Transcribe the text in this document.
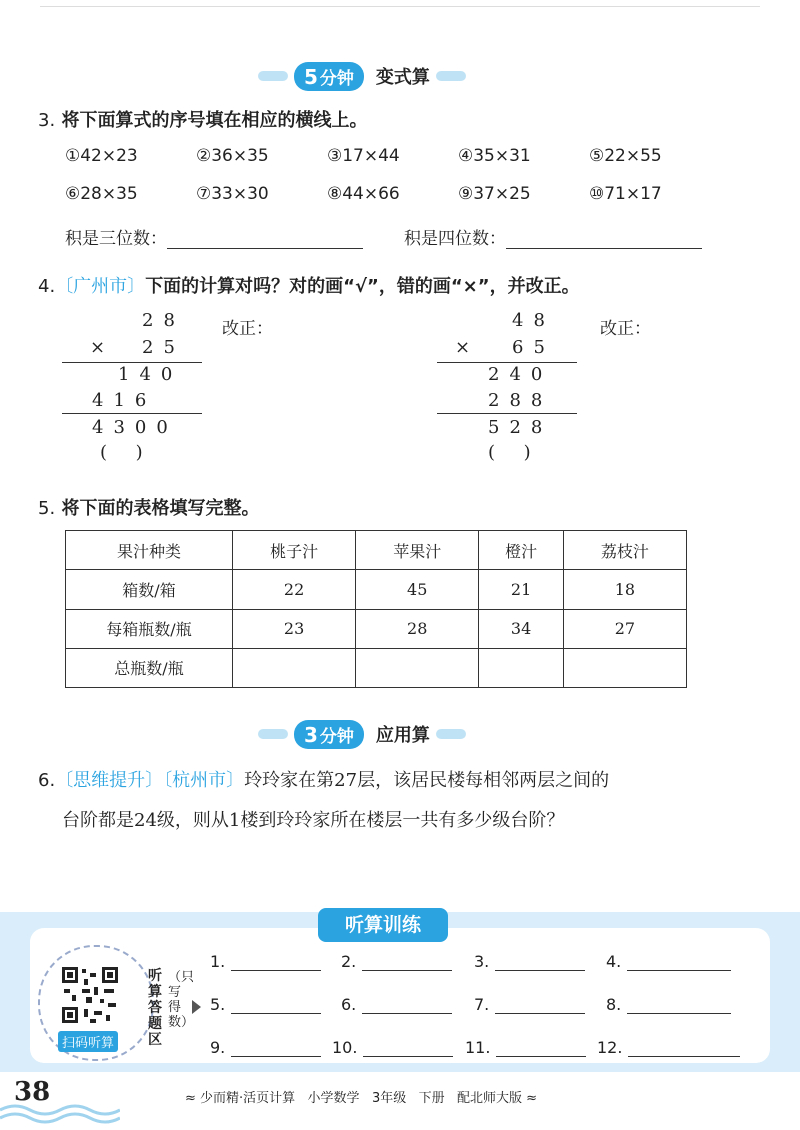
5 分钟 变式算
3. 将下面算式的序号填在相应的横线上。
①42×23	②36×35	③17×44	④35×31	⑤22×55
⑥28×35	⑦33×30	⑧44×66	⑨37×25	⑩71×17
积是三位数：	积是四位数：
4.〔广州市〕下面的计算对吗？对的画“√”，错的画“×”，并改正。
28
× 25
140
416
4300
(     )
改正：	48
× 65
240
288
528
(     )
改正：
5. 将下面的表格填写完整。
果汁种类	桃子汁	苹果汁	橙汁	荔枝汁
箱数/箱	22	45	21	18
每箱瓶数/瓶	23	28	34	27
总瓶数/瓶				
3 分钟 应用算
6.〔思维提升〕〔杭州市〕玲玲家在第27层，该居民楼每相邻两层之间的
台阶都是24级，则从1楼到玲玲家所在楼层一共有多少级台阶？
听算训练
扫码听算
听算答题区
（只写得数）
1.	2.	3.	4.
5.	6.	7.	8.
9.	10.	11.	12.
38	≈ 少而精·活页计算   小学数学   3年级   下册   配北师大版 ≈
